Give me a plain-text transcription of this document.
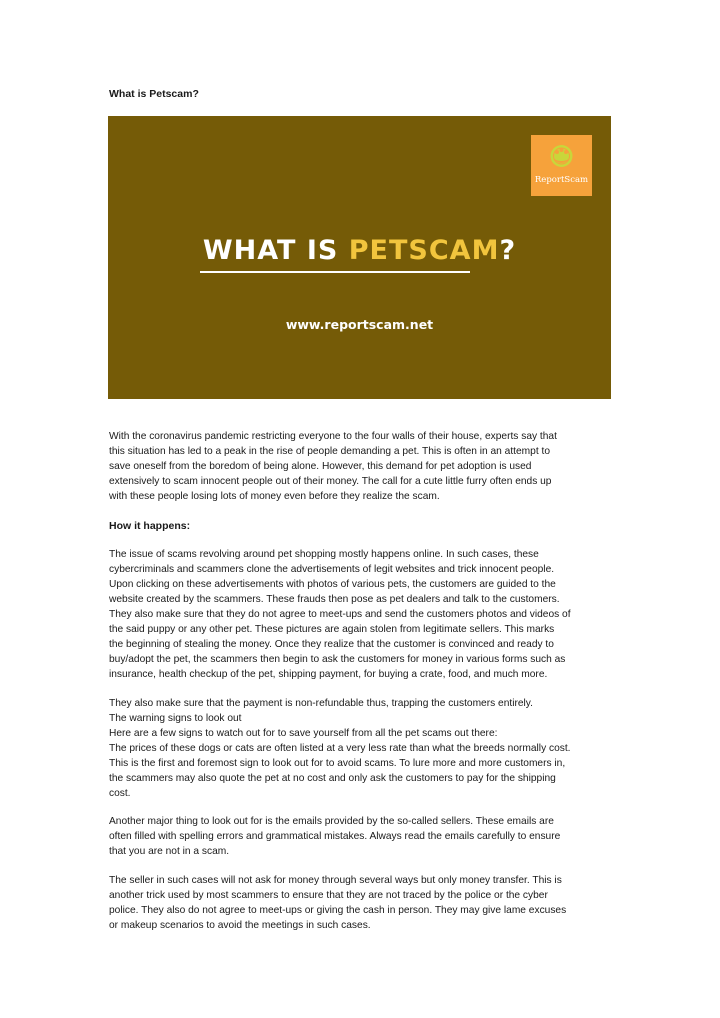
What is Petscam?

ReportScam
WHAT IS PETSCAM?
www.reportscam.net
With the coronavirus pandemic restricting everyone to the four walls of their house, experts say that
this situation has led to a peak in the rise of people demanding a pet. This is often in an attempt to
save oneself from the boredom of being alone. However, this demand for pet adoption is used
extensively to scam innocent people out of their money. The call for a cute little furry often ends up
with these people losing lots of money even before they realize the scam.

How it happens:

The issue of scams revolving around pet shopping mostly happens online. In such cases, these
cybercriminals and scammers clone the advertisements of legit websites and trick innocent people.
Upon clicking on these advertisements with photos of various pets, the customers are guided to the
website created by the scammers. These frauds then pose as pet dealers and talk to the customers.
They also make sure that they do not agree to meet-ups and send the customers photos and videos of
the said puppy or any other pet. These pictures are again stolen from legitimate sellers. This marks
the beginning of stealing the money. Once they realize that the customer is convinced and ready to
buy/adopt the pet, the scammers then begin to ask the customers for money in various forms such as
insurance, health checkup of the pet, shipping payment, for buying a crate, food, and much more.
They also make sure that the payment is non-refundable thus, trapping the customers entirely.
The warning signs to look out
Here are a few signs to watch out for to save yourself from all the pet scams out there:
The prices of these dogs or cats are often listed at a very less rate than what the breeds normally cost.
This is the first and foremost sign to look out for to avoid scams. To lure more and more customers in,
the scammers may also quote the pet at no cost and only ask the customers to pay for the shipping
cost.
Another major thing to look out for is the emails provided by the so-called sellers. These emails are
often filled with spelling errors and grammatical mistakes. Always read the emails carefully to ensure
that you are not in a scam.
The seller in such cases will not ask for money through several ways but only money transfer. This is
another trick used by most scammers to ensure that they are not traced by the police or the cyber
police. They also do not agree to meet-ups or giving the cash in person. They may give lame excuses
or makeup scenarios to avoid the meetings in such cases.
